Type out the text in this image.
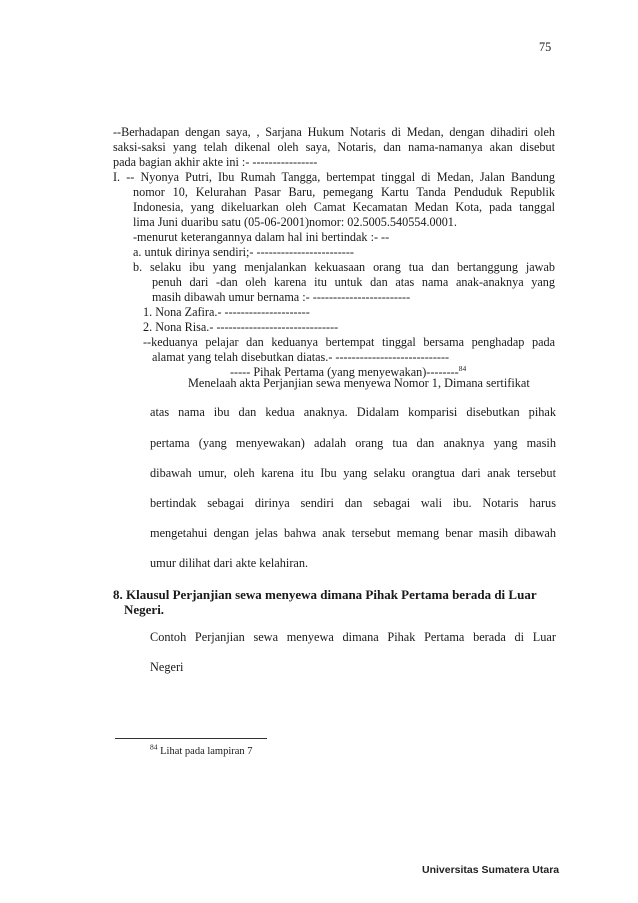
75
--Berhadapan dengan saya, , Sarjana Hukum Notaris di Medan, dengan dihadiri oleh
saksi-saksi yang telah dikenal oleh saya, Notaris, dan nama-namanya akan disebut
pada bagian akhir akte ini :- ----------------
I. -- Nyonya Putri, Ibu Rumah Tangga, bertempat tinggal di Medan, Jalan Bandung
nomor 10, Kelurahan Pasar Baru, pemegang Kartu Tanda Penduduk Republik
Indonesia, yang dikeluarkan oleh Camat Kecamatan Medan Kota, pada tanggal
lima Juni duaribu satu (05-06-2001)nomor: 02.5005.540554.0001.
-menurut keterangannya dalam hal ini bertindak :- --
a. untuk dirinya sendiri;- ------------------------
b. selaku ibu yang menjalankan kekuasaan orang tua dan bertanggung jawab
penuh dari -dan oleh karena itu untuk dan atas nama anak-anaknya yang
masih dibawah umur bernama :- ------------------------
1. Nona Zafira.- ---------------------
2. Nona Risa.- ------------------------------
--keduanya pelajar dan keduanya bertempat tinggal bersama penghadap pada
alamat yang telah disebutkan diatas.- ----------------------------
----- Pihak Pertama (yang menyewakan)--------$^{84}$
Menelaah akta Perjanjian sewa menyewa Nomor 1, Dimana sertifikat
atas nama ibu dan kedua anaknya. Didalam komparisi disebutkan pihak
pertama (yang menyewakan) adalah orang tua dan anaknya yang masih
dibawah umur, oleh karena itu Ibu yang selaku orangtua dari anak tersebut
bertindak sebagai dirinya sendiri dan sebagai wali ibu. Notaris harus
mengetahui dengan jelas bahwa anak tersebut memang benar masih dibawah
umur dilihat dari akte kelahiran.
8. Klausul Perjanjian sewa menyewa dimana Pihak Pertama berada di Luar
Negeri.
Contoh Perjanjian sewa menyewa dimana Pihak Pertama berada di Luar
Negeri
$^{84}$ Lihat pada lampiran 7
Universitas Sumatera Utara
